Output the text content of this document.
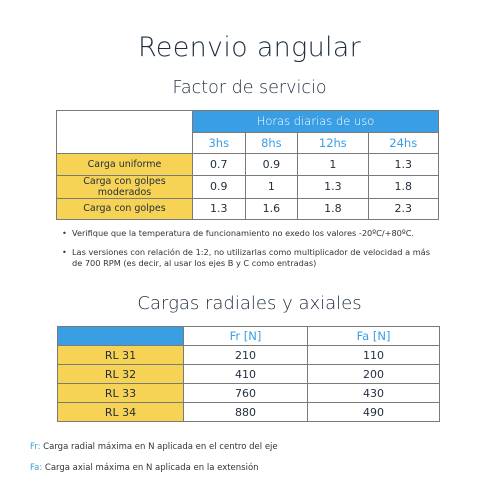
Reenvio angular
Factor de servicio
	Horas diarias de uso			
	3hs	8hs	12hs	24hs
Carga uniforme	0.7	0.9	1	1.3
Carga con golpes moderados	0.9	1	1.3	1.8
Carga con golpes	1.3	1.6	1.8	2.3
• Verifique que la temperatura de funcionamiento no exedo los valores -20ºC/+80ºC.
• Las versiones con relación de 1:2, no utilizarlas como multiplicador de velocidad a más de 700 RPM (es decir, al usar los ejes B y C como entradas)
Cargas radiales y axiales
	Fr [N]	Fa [N]
RL 31	210	110
RL 32	410	200
RL 33	760	430
RL 34	880	490
Fr: Carga radial máxima en N aplicada en el centro del eje
Fa: Carga axial máxima en N aplicada en la extensión
